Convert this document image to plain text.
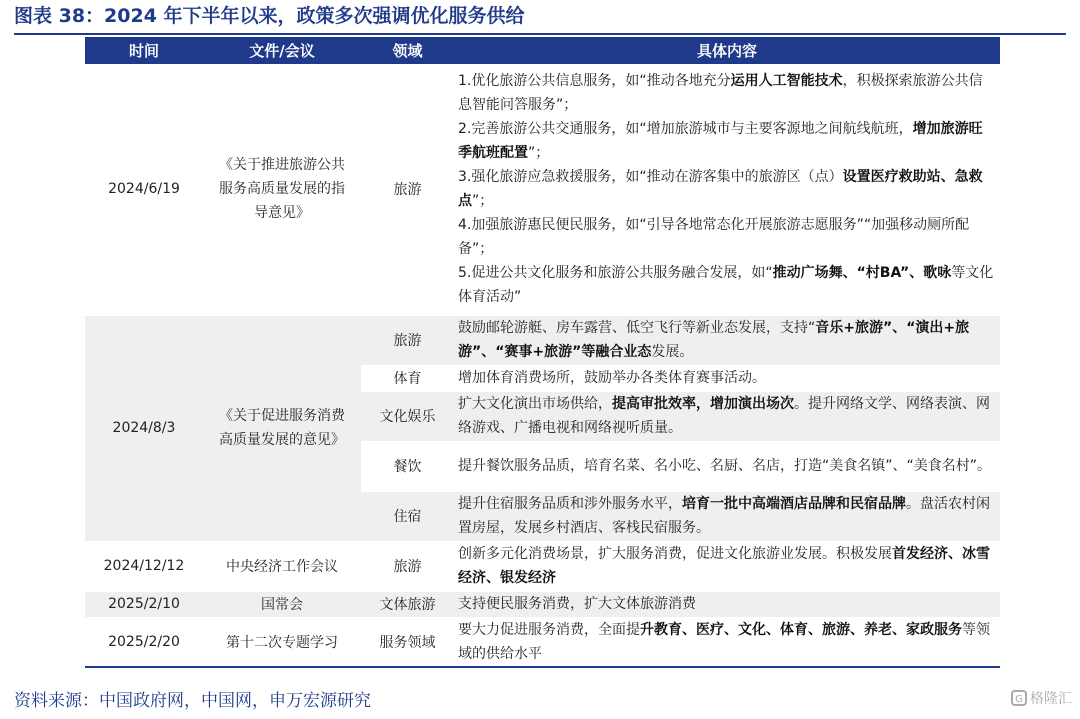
图表 38：2024 年下半年以来，政策多次强调优化服务供给
时间	文件/会议	领域	具体内容
2024/6/19	《关于推进旅游公共服务高质量发展的指导意见》	旅游	1.优化旅游公共信息服务，如“推动各地充分运用人工智能技术，积极探索旅游公共信息智能问答服务”；
2.完善旅游公共交通服务，如“增加旅游城市与主要客源地之间航线航班，增加旅游旺季航班配置”；
3.强化旅游应急救援服务，如“推动在游客集中的旅游区（点）设置医疗救助站、急救点”；
4.加强旅游惠民便民服务，如“引导各地常态化开展旅游志愿服务”“加强移动厕所配备”；
5.促进公共文化服务和旅游公共服务融合发展，如“推动广场舞、“村BA”、歌咏等文化体育活动”

2024/8/3	《关于促进服务消费高质量发展的意见》	旅游	鼓励邮轮游艇、房车露营、低空飞行等新业态发展，支持“音乐+旅游”、“演出+旅游”、“赛事+旅游”等融合业态发展。
		体育	增加体育消费场所，鼓励举办各类体育赛事活动。
		文化娱乐	扩大文化演出市场供给，提高审批效率，增加演出场次。提升网络文学、网络表演、网络游戏、广播电视和网络视听质量。
		餐饮	提升餐饮服务品质，培育名菜、名小吃、名厨、名店，打造“美食名镇”、“美食名村”。
		住宿	提升住宿服务品质和涉外服务水平，培育一批中高端酒店品牌和民宿品牌。盘活农村闲置房屋，发展乡村酒店、客栈民宿服务。
2024/12/12	中央经济工作会议	旅游	创新多元化消费场景，扩大服务消费，促进文化旅游业发展。积极发展首发经济、冰雪经济、银发经济
2025/2/10	国常会	文体旅游	支持便民服务消费，扩大文体旅游消费
2025/2/20	第十二次专题学习	服务领域	要大力促进服务消费，全面提升教育、医疗、文化、体育、旅游、养老、家政服务等领域的供给水平
资料来源：中国政府网，中国网，申万宏源研究	G 格隆汇
